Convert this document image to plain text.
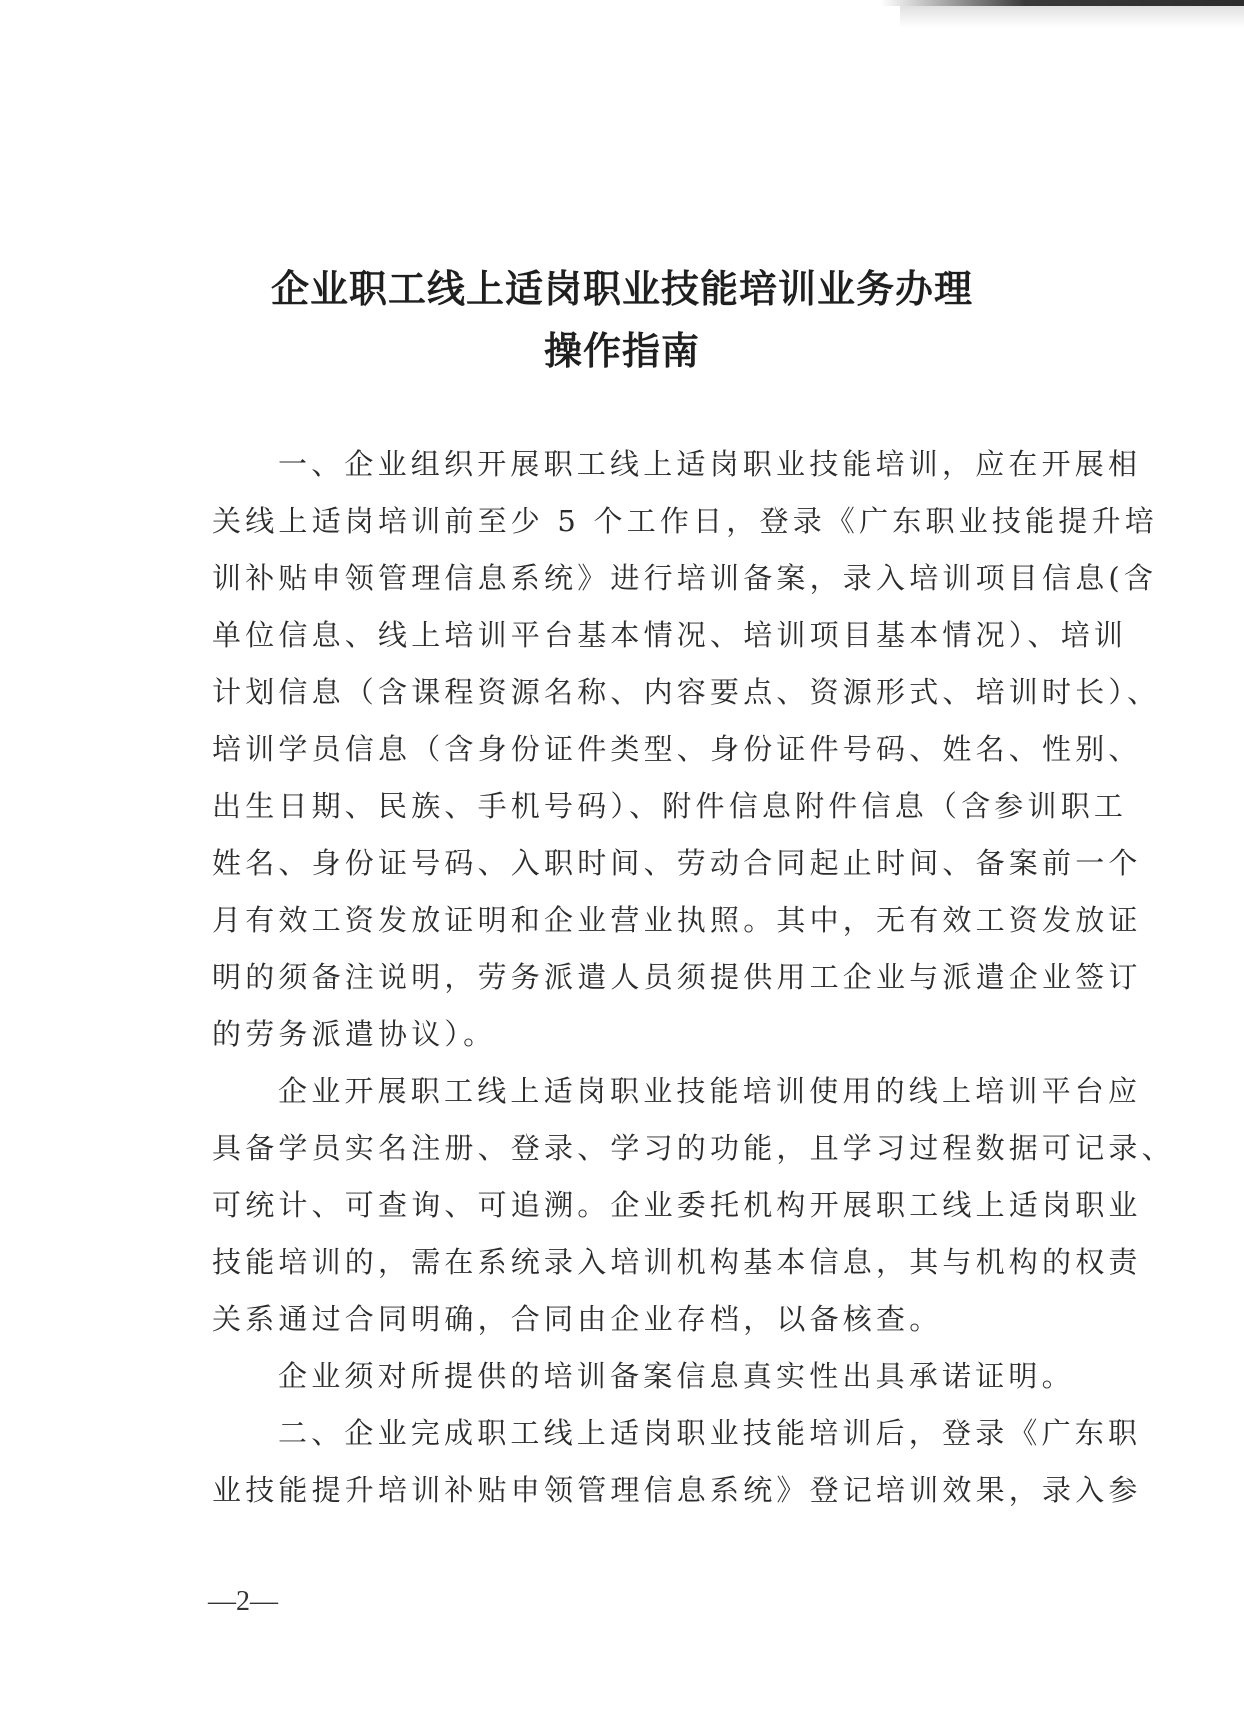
企业职工线上适岗职业技能培训业务办理
操作指南
一、企业组织开展职工线上适岗职业技能培训，应在开展相
关线上适岗培训前至少 5 个工作日，登录《广东职业技能提升培
训补贴申领管理信息系统》进行培训备案，录入培训项目信息(含
单位信息、线上培训平台基本情况、培训项目基本情况）、培训
计划信息（含课程资源名称、内容要点、资源形式、培训时长）、
培训学员信息（含身份证件类型、身份证件号码、姓名、性别、
出生日期、民族、手机号码）、附件信息附件信息（含参训职工
姓名、身份证号码、入职时间、劳动合同起止时间、备案前一个
月有效工资发放证明和企业营业执照。其中，无有效工资发放证
明的须备注说明，劳务派遣人员须提供用工企业与派遣企业签订
的劳务派遣协议）。
企业开展职工线上适岗职业技能培训使用的线上培训平台应
具备学员实名注册、登录、学习的功能，且学习过程数据可记录、
可统计、可查询、可追溯。企业委托机构开展职工线上适岗职业
技能培训的，需在系统录入培训机构基本信息，其与机构的权责
关系通过合同明确，合同由企业存档，以备核查。
企业须对所提供的培训备案信息真实性出具承诺证明。
二、企业完成职工线上适岗职业技能培训后，登录《广东职
业技能提升培训补贴申领管理信息系统》登记培训效果，录入参
—2—
